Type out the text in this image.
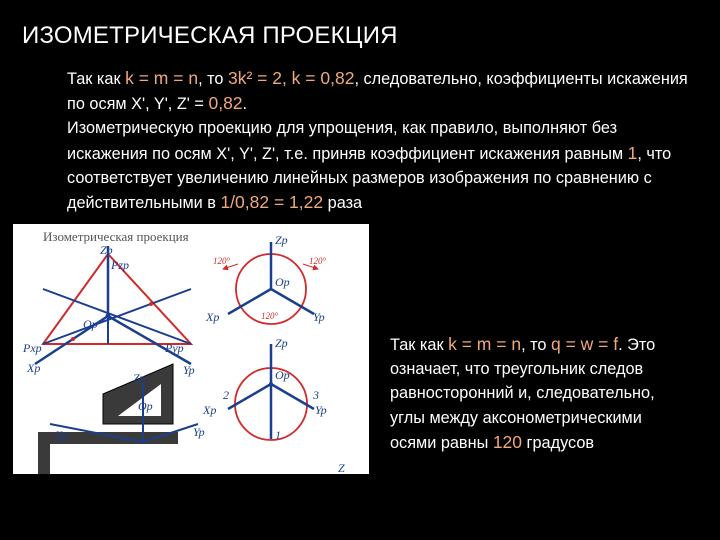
ИЗОМЕТРИЧЕСКАЯ ПРОЕКЦИЯ
Так как k = m = n, то 3k² = 2, k = 0,82, следовательно, коэффициенты искажения по осям X', Y', Z' = 0,82.
Изометрическую проекцию для упрощения, как правило, выполняют без искажения по осям X', Y', Z', т.е. приняв коэффициент искажения равным 1, что соответствует увеличению линейных размеров изображения по сравнению с действительными в 1/0,82 = 1,22 раза
Изометрическая проекция
Zp
Pzp
Op
Pxp	Pyp
Xp	Yp
Zp
Op
Xp	Yp
120°	120°
120°
Zp
Op
Xp	Yp
2	3
1
Zp
Op
Xp	Yp
Z
Так как k = m = n, то q = w = f. Это означает, что треугольник следов равносторонний и, следовательно, углы между аксонометрическими осями равны 120 градусов
